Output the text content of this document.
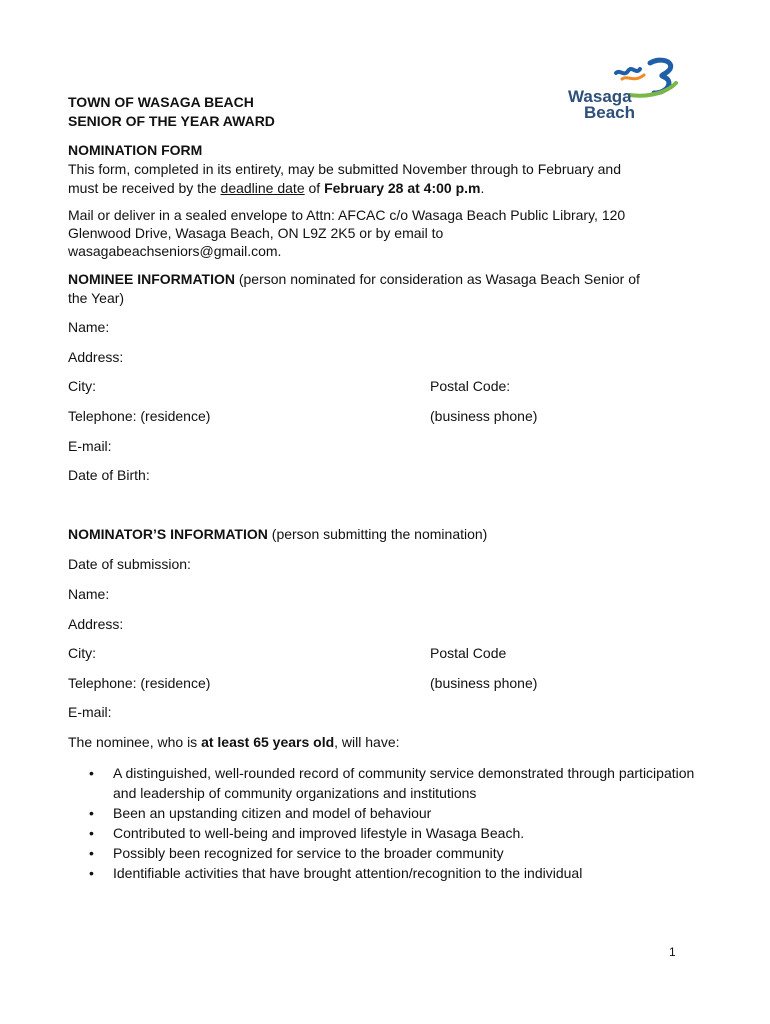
TOWN OF WASAGA BEACH
SENIOR OF THE YEAR AWARD
Wasaga
Beach
NOMINATION FORM
This form, completed in its entirety, may be submitted November through to February and
must be received by the deadline date of February 28 at 4:00 p.m.
Mail or deliver in a sealed envelope to Attn: AFCAC c/o Wasaga Beach Public Library, 120
Glenwood Drive, Wasaga Beach, ON L9Z 2K5 or by email to
wasagabeachseniors@gmail.com.
NOMINEE INFORMATION (person nominated for consideration as Wasaga Beach Senior of
the Year)
Name:
Address:
City:	Postal Code:
Telephone: (residence)	(business phone)
E-mail:
Date of Birth:
NOMINATOR’S INFORMATION (person submitting the nomination)
Date of submission:
Name:
Address:
City:	Postal Code
Telephone: (residence)	(business phone)
E-mail:
The nominee, who is at least 65 years old, will have:
• A distinguished, well-rounded record of community service demonstrated through participation and leadership of community organizations and institutions
• Been an upstanding citizen and model of behaviour
• Contributed to well-being and improved lifestyle in Wasaga Beach.
• Possibly been recognized for service to the broader community
• Identifiable activities that have brought attention/recognition to the individual
1
